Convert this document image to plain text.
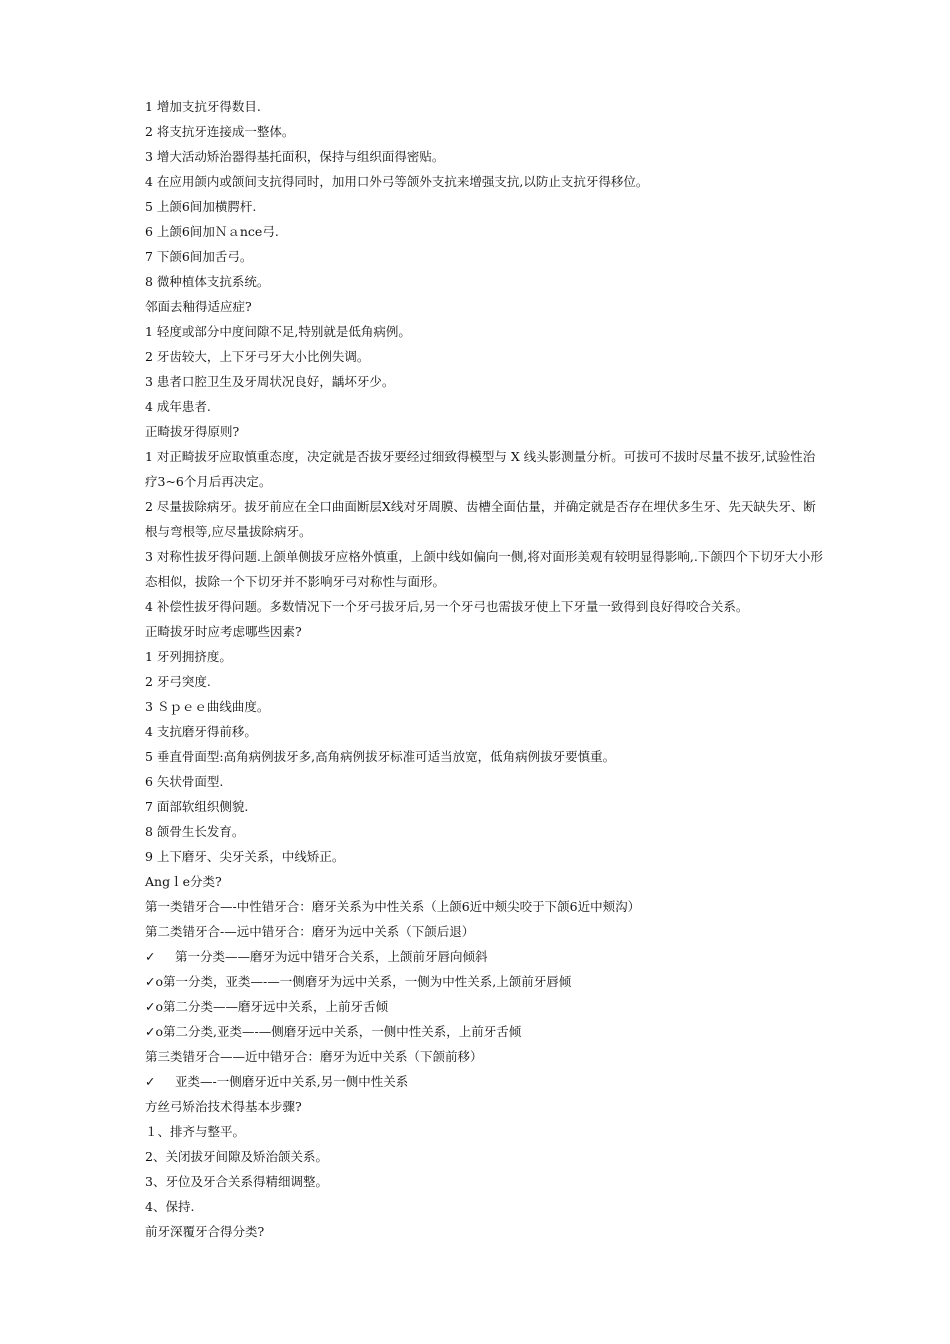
1 增加支抗牙得数目.
2 将支抗牙连接成一整体。
3 增大活动矫治器得基托面积，保持与组织面得密贴。
4 在应用颌内或颌间支抗得同时，加用口外弓等颌外支抗来增强支抗,以防止支抗牙得移位。
5 上颌6间加横腭杆.
6 上颌6间加Ｎａnce弓.
7 下颌6间加舌弓。
8 微种植体支抗系统。
邻面去釉得适应症?
1 轻度或部分中度间隙不足,特别就是低角病例。
2 牙齿较大，上下牙弓牙大小比例失调。
3 患者口腔卫生及牙周状况良好，龋坏牙少。
4 成年患者.
正畸拔牙得原则?
1 对正畸拔牙应取慎重态度，决定就是否拔牙要经过细致得模型与 X 线头影测量分析。可拔可不拔时尽量不拔牙,试验性治疗3~6个月后再决定。
2 尽量拔除病牙。拔牙前应在全口曲面断层X线对牙周膜、齿槽全面估量，并确定就是否存在埋伏多生牙、先天缺失牙、断根与弯根等,应尽量拔除病牙。
3 对称性拔牙得问题.上颌单侧拔牙应格外慎重，上颌中线如偏向一侧,将对面形美观有较明显得影响,.下颌四个下切牙大小形态相似，拔除一个下切牙并不影响牙弓对称性与面形。
4 补偿性拔牙得问题。多数情况下一个牙弓拔牙后,另一个牙弓也需拔牙使上下牙量一致得到良好得咬合关系。
正畸拔牙时应考虑哪些因素?
1 牙列拥挤度。
2 牙弓突度.
3 Ｓｐｅｅ曲线曲度。
4 支抗磨牙得前移。
5 垂直骨面型:高角病例拔牙多,高角病例拔牙标准可适当放宽，低角病例拔牙要慎重。
6 矢状骨面型.
7 面部软组织侧貌.
8 颌骨生长发育。
9 上下磨牙、尖牙关系，中线矫正。
Angｌe分类?
第一类错牙合—-中性错牙合：磨牙关系为中性关系（上颌6近中颊尖咬于下颌6近中颊沟）
第二类错牙合-—远中错牙合：磨牙为远中关系（下颌后退）
✓ 第一分类——磨牙为远中错牙合关系，上颌前牙唇向倾斜
✓o第一分类，亚类—-—一侧磨牙为远中关系，一侧为中性关系,上颌前牙唇倾
✓o第二分类——磨牙远中关系，上前牙舌倾
✓o第二分类,亚类—-—侧磨牙远中关系，一侧中性关系，上前牙舌倾
第三类错牙合——近中错牙合：磨牙为近中关系（下颌前移）
✓ 亚类—-一侧磨牙近中关系,另一侧中性关系
方丝弓矫治技术得基本步骤?
１、排齐与整平。
2、关闭拔牙间隙及矫治颌关系。
3、牙位及牙合关系得精细调整。
4、保持.
前牙深覆牙合得分类?
